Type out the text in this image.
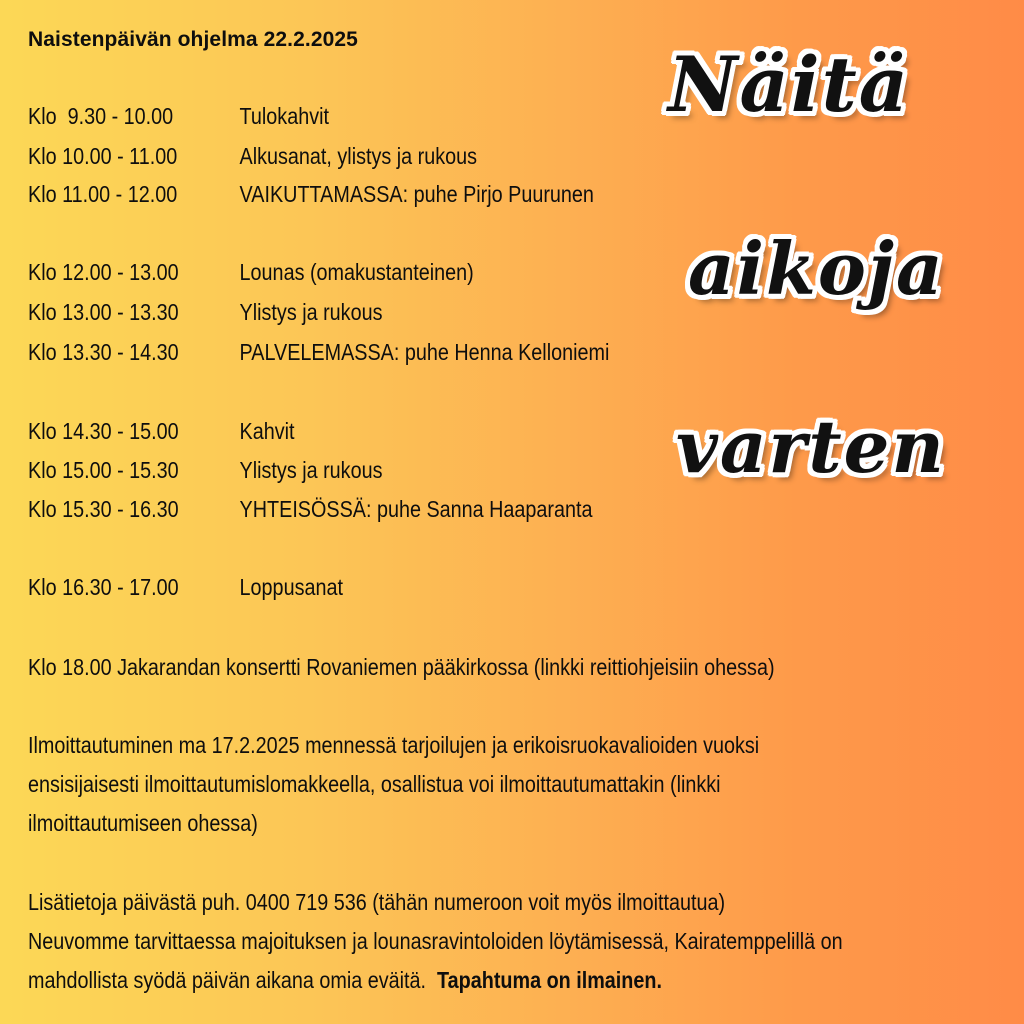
Naistenpäivän ohjelma 22.2.2025
Klo  9.30 - 10.00	Tulokahvit
Klo 10.00 - 11.00	Alkusanat, ylistys ja rukous
Klo 11.00 - 12.00	VAIKUTTAMASSA: puhe Pirjo Puurunen
Klo 12.00 - 13.00	Lounas (omakustanteinen)
Klo 13.00 - 13.30	Ylistys ja rukous
Klo 13.30 - 14.30	PALVELEMASSA: puhe Henna Kelloniemi
Klo 14.30 - 15.00	Kahvit
Klo 15.00 - 15.30	Ylistys ja rukous
Klo 15.30 - 16.30	YHTEISÖSSÄ: puhe Sanna Haaparanta
Klo 16.30 - 17.00	Loppusanat
Klo 18.00 Jakarandan konsertti Rovaniemen pääkirkossa (linkki reittiohjeisiin ohessa)
Ilmoittautuminen ma 17.2.2025 mennessä tarjoilujen ja erikoisruokavalioiden vuoksi
ensisijaisesti ilmoittautumislomakkeella, osallistua voi ilmoittautumattakin (linkki
ilmoittautumiseen ohessa)
Lisätietoja päivästä puh. 0400 719 536 (tähän numeroon voit myös ilmoittautua)
Neuvomme tarvittaessa majoituksen ja lounasravintoloiden löytämisessä, Kairatemppelillä on
mahdollista syödä päivän aikana omia eväitä. Tapahtuma on ilmainen.
Näitä
aikoja
varten
